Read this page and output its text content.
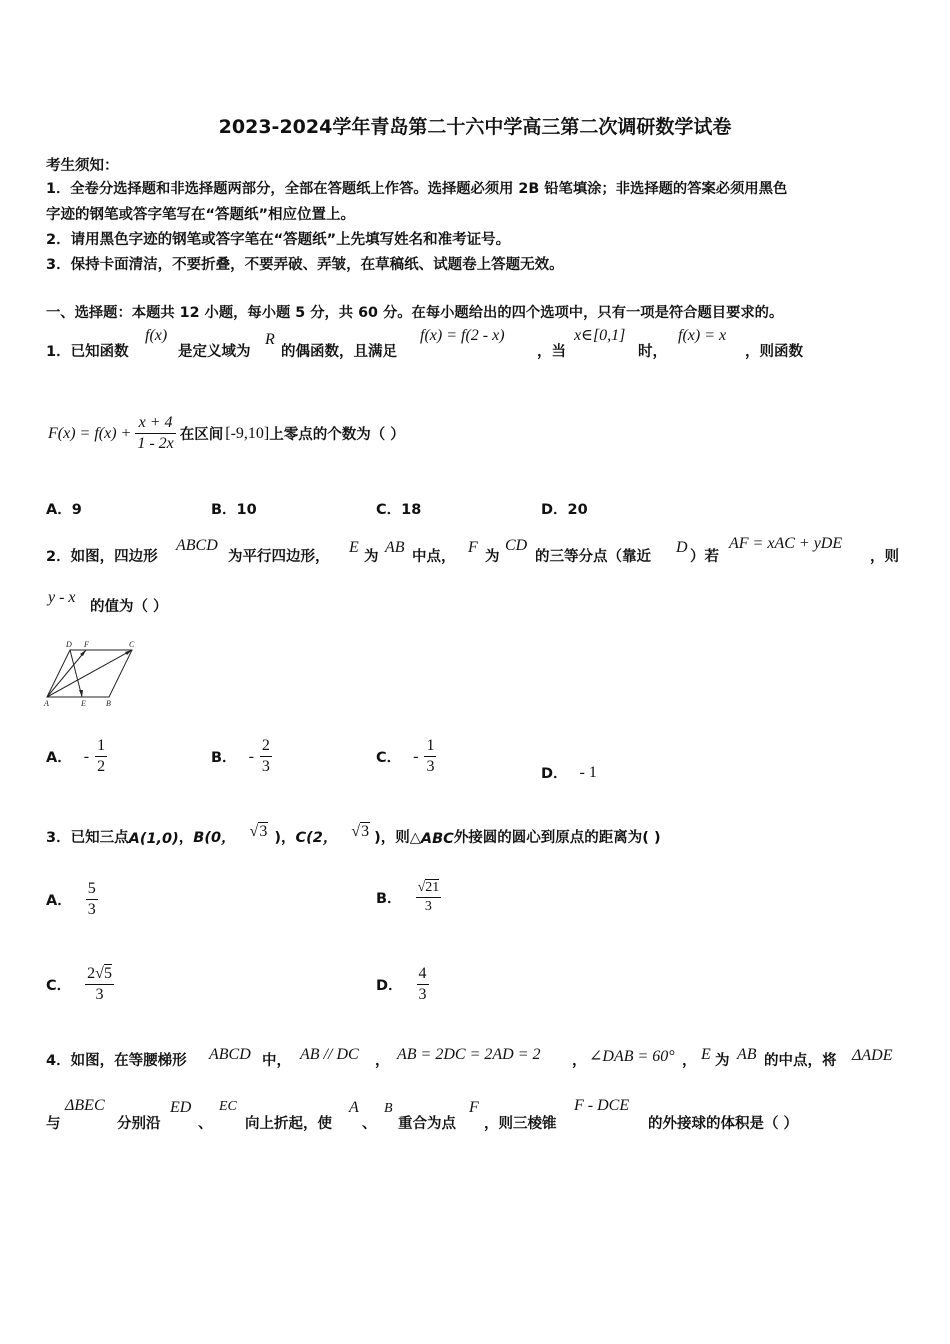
2023-2024学年青岛第二十六中学高三第二次调研数学试卷
考生须知：
1．全卷分选择题和非选择题两部分，全部在答题纸上作答。选择题必须用 2B 铅笔填涂；非选择题的答案必须用黑色
字迹的钢笔或答字笔写在“答题纸”相应位置上。
2．请用黑色字迹的钢笔或答字笔在“答题纸”上先填写姓名和准考证号。
3．保持卡面清洁，不要折叠，不要弄破、弄皱，在草稿纸、试题卷上答题无效。
一、选择题：本题共 12 小题，每小题 5 分，共 60 分。在每小题给出的四个选项中，只有一项是符合题目要求的。
1．已知函数
f(x)
是定义域为
R
的偶函数，且满足
f(x) = f(2 - x)
，当
x∈[0,1]
时，
f(x) = x
，则函数
$F(x) = f(x) + \frac{x + 4}{1 - 2x}$ 在区间 [-9,10] 上零点的个数为（ ）
A．9	B．10	C．18	D．20
2．如图，四边形
ABCD
为平行四边形，
E
为
AB
中点，
F
为
CD
的三等分点（靠近
D
）若
AF = xAC + yDE
，则
y - x
的值为（ ）
D F	C
A	E	B
A． - $\frac{1}{2}$	B． - $\frac{2}{3}$	C． - $\frac{1}{3}$	D． - 1
3．已知三点 A(1,0) ， B(0， √3 )， C(2， √3 )，则△ ABC 外接圆的圆心到原点的距离为( )
A． $\frac{5}{3}$	B． $\frac{√21}{3}$
C． $\frac{2√5}{3}$	D． $\frac{4}{3}$
4．如图，在等腰梯形 ABCD 中， AB // DC ， AB = 2DC = 2AD = 2 ， ∠DAB = 60° ， E 为 AB 的中点，将 ΔADE
与
ΔBEC
分别沿
ED
、
EC
向上折起，使
A
、
B
重合为点
F
，则三棱锥
F - DCE
的外接球的体积是（ ）
